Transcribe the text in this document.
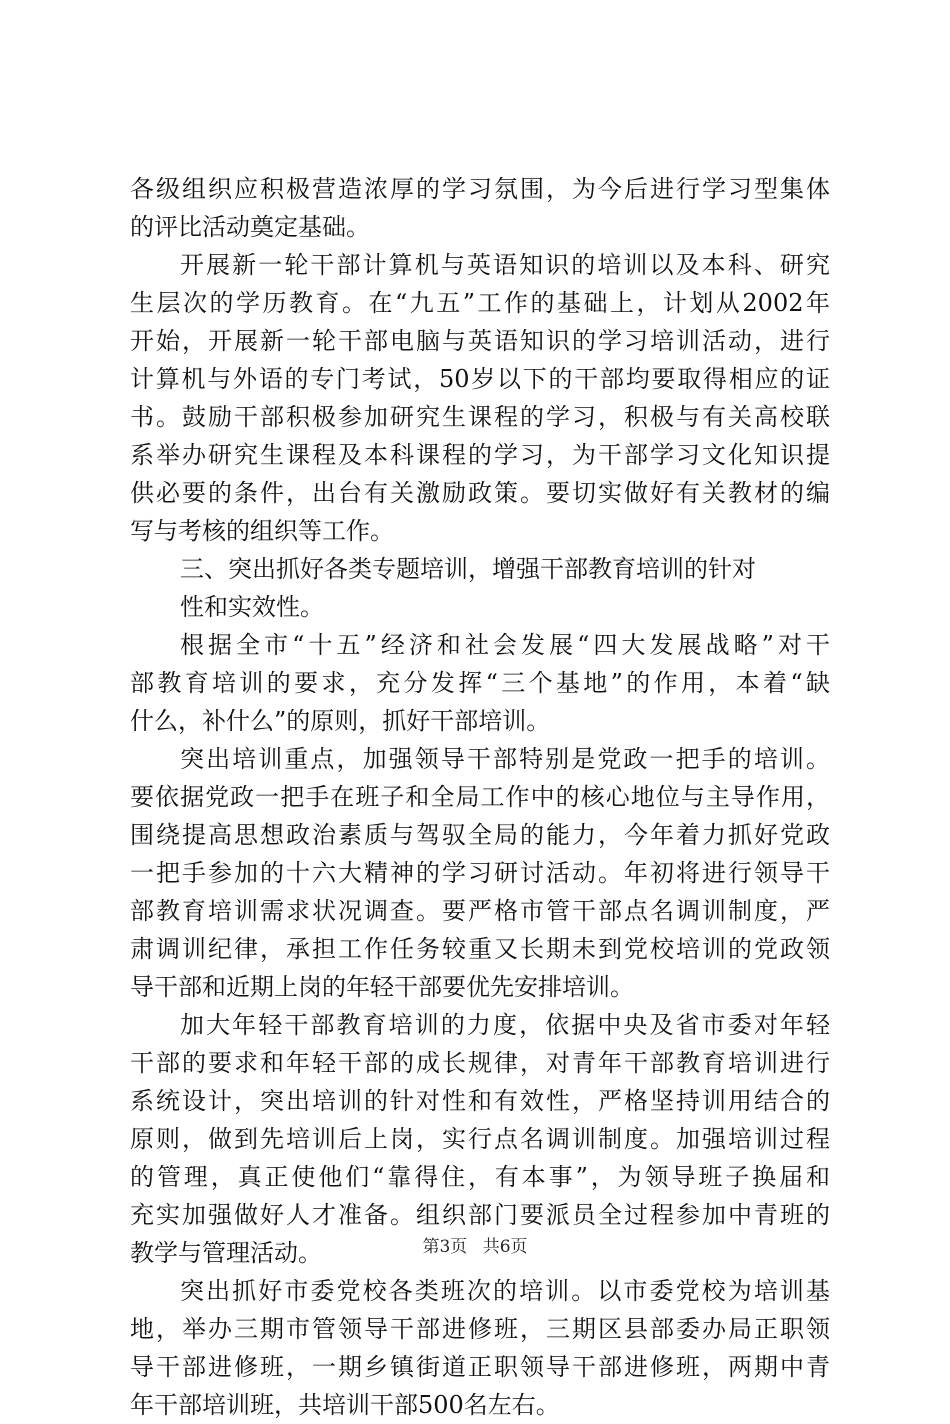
各级组织应积极营造浓厚的学习氛围，为今后进行学习型集体
的评比活动奠定基础。
开展新一轮干部计算机与英语知识的培训以及本科、研究
生层次的学历教育。在“九五”工作的基础上，计划从2002年
开始，开展新一轮干部电脑与英语知识的学习培训活动，进行
计算机与外语的专门考试，50岁以下的干部均要取得相应的证
书。鼓励干部积极参加研究生课程的学习，积极与有关高校联
系举办研究生课程及本科课程的学习，为干部学习文化知识提
供必要的条件，出台有关激励政策。要切实做好有关教材的编
写与考核的组织等工作。
三、突出抓好各类专题培训，增强干部教育培训的针对
性和实效性。
根据全市“十五”经济和社会发展“四大发展战略”对干
部教育培训的要求，充分发挥“三个基地”的作用，本着“缺
什么，补什么”的原则，抓好干部培训。
突出培训重点，加强领导干部特别是党政一把手的培训。
要依据党政一把手在班子和全局工作中的核心地位与主导作用，
围绕提高思想政治素质与驾驭全局的能力，今年着力抓好党政
一把手参加的十六大精神的学习研讨活动。年初将进行领导干
部教育培训需求状况调查。要严格市管干部点名调训制度，严
肃调训纪律，承担工作任务较重又长期未到党校培训的党政领
导干部和近期上岗的年轻干部要优先安排培训。
加大年轻干部教育培训的力度，依据中央及省市委对年轻
干部的要求和年轻干部的成长规律，对青年干部教育培训进行
系统设计，突出培训的针对性和有效性，严格坚持训用结合的
原则，做到先培训后上岗，实行点名调训制度。加强培训过程
的管理，真正使他们“靠得住，有本事”，为领导班子换届和
充实加强做好人才准备。组织部门要派员全过程参加中青班的
教学与管理活动。
突出抓好市委党校各类班次的培训。以市委党校为培训基
地，举办三期市管领导干部进修班，三期区县部委办局正职领
导干部进修班，一期乡镇街道正职领导干部进修班，两期中青
年干部培训班，共培训干部500名左右。
第3页 共6页
